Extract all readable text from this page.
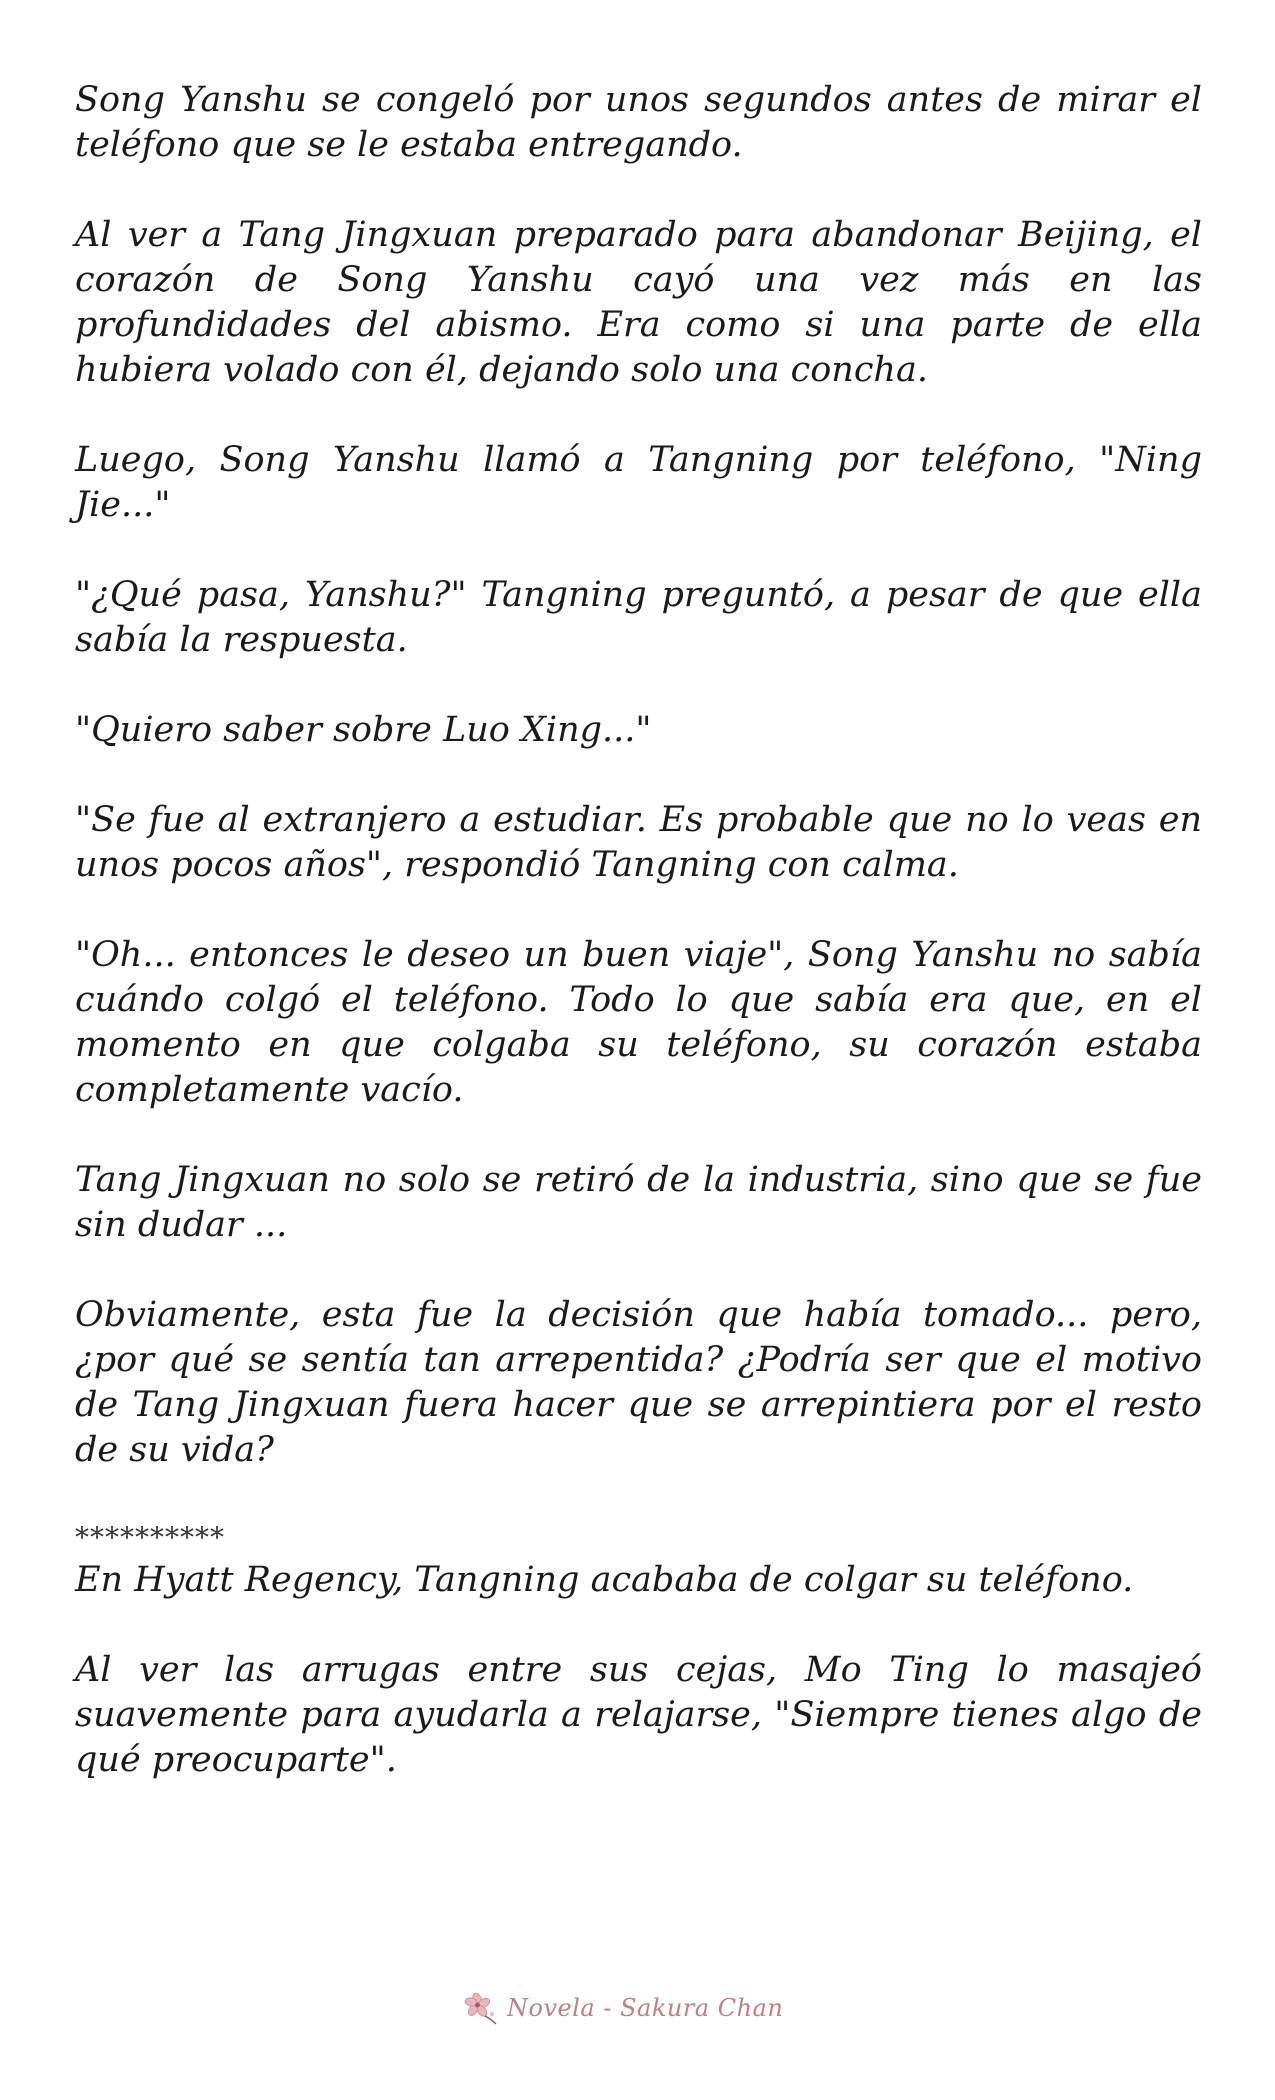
Song Yanshu se congeló por unos segundos antes de mirar el teléfono que se le estaba entregando.

Al ver a Tang Jingxuan preparado para abandonar Beijing, el corazón de Song Yanshu cayó una vez más en las profundidades del abismo. Era como si una parte de ella hubiera volado con él, dejando solo una concha.

Luego, Song Yanshu llamó a Tangning por teléfono, "Ning Jie..."

"¿Qué pasa, Yanshu?" Tangning preguntó, a pesar de que ella sabía la respuesta.

"Quiero saber sobre Luo Xing..."

"Se fue al extranjero a estudiar. Es probable que no lo veas en unos pocos años", respondió Tangning con calma.

"Oh... entonces le deseo un buen viaje", Song Yanshu no sabía cuándo colgó el teléfono. Todo lo que sabía era que, en el momento en que colgaba su teléfono, su corazón estaba completamente vacío.

Tang Jingxuan no solo se retiró de la industria, sino que se fue sin dudar ...

Obviamente, esta fue la decisión que había tomado... pero, ¿por qué se sentía tan arrepentida? ¿Podría ser que el motivo de Tang Jingxuan fuera hacer que se arrepintiera por el resto de su vida?

**********

En Hyatt Regency, Tangning acababa de colgar su teléfono.

Al ver las arrugas entre sus cejas, Mo Ting lo masajeó suavemente para ayudarla a relajarse, "Siempre tienes algo de qué preocuparte".

Novela - Sakura Chan
